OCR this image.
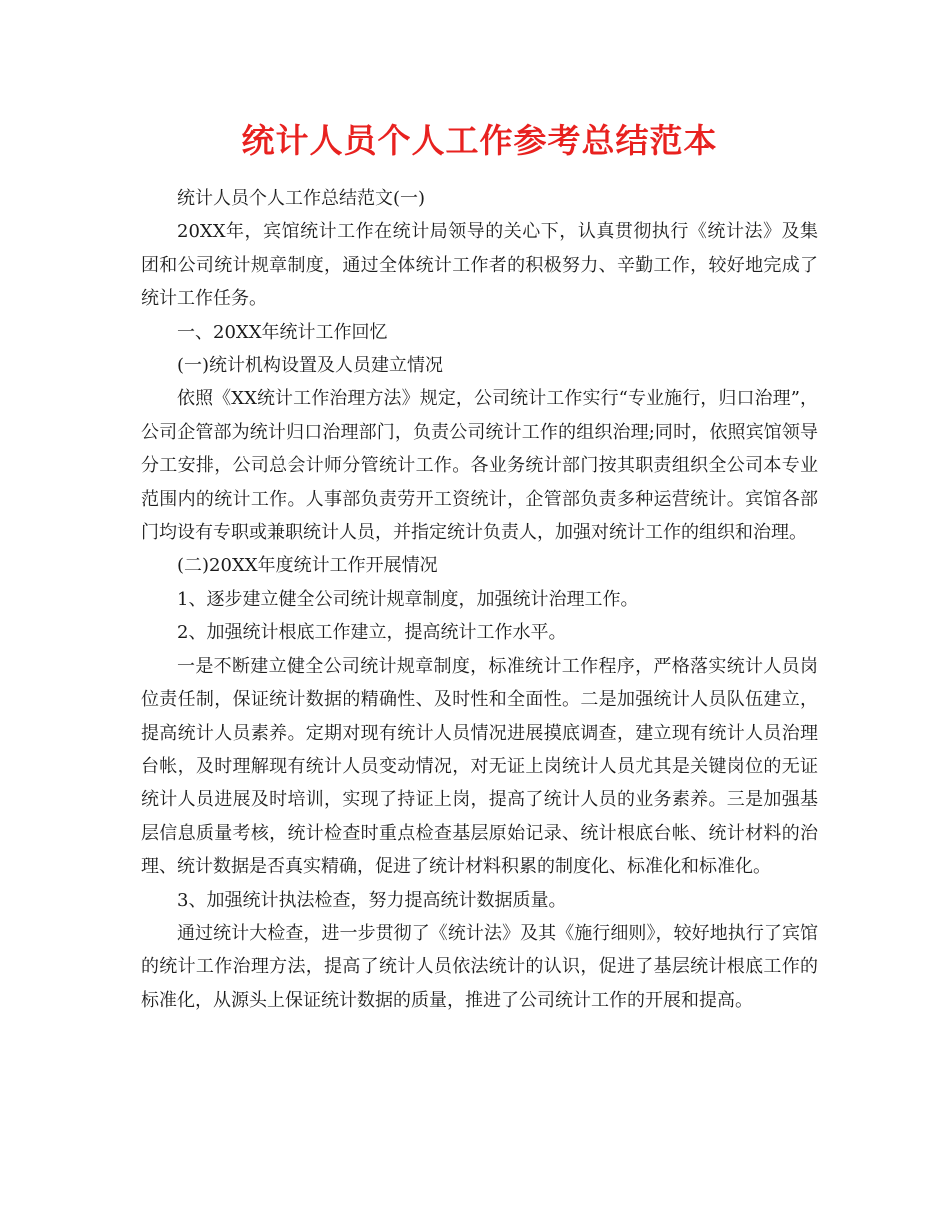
统计人员个人工作参考总结范本

统计人员个人工作总结范文(一)

20XX年，宾馆统计工作在统计局领导的关心下，认真贯彻执行《统计法》及集团和公司统计规章制度，通过全体统计工作者的积极努力、辛勤工作，较好地完成了统计工作任务。

一、20XX年统计工作回忆

(一)统计机构设置及人员建立情况

依照《XX统计工作治理方法》规定，公司统计工作实行“专业施行，归口治理”，公司企管部为统计归口治理部门，负责公司统计工作的组织治理;同时，依照宾馆领导分工安排，公司总会计师分管统计工作。各业务统计部门按其职责组织全公司本专业范围内的统计工作。人事部负责劳开工资统计，企管部负责多种运营统计。宾馆各部门均设有专职或兼职统计人员，并指定统计负责人，加强对统计工作的组织和治理。

(二)20XX年度统计工作开展情况

1、逐步建立健全公司统计规章制度，加强统计治理工作。

2、加强统计根底工作建立，提高统计工作水平。

一是不断建立健全公司统计规章制度，标准统计工作程序，严格落实统计人员岗位责任制，保证统计数据的精确性、及时性和全面性。二是加强统计人员队伍建立，提高统计人员素养。定期对现有统计人员情况进展摸底调查，建立现有统计人员治理台帐，及时理解现有统计人员变动情况，对无证上岗统计人员尤其是关键岗位的无证统计人员进展及时培训，实现了持证上岗，提高了统计人员的业务素养。三是加强基层信息质量考核，统计检查时重点检查基层原始记录、统计根底台帐、统计材料的治理、统计数据是否真实精确，促进了统计材料积累的制度化、标准化和标准化。

3、加强统计执法检查，努力提高统计数据质量。

通过统计大检查，进一步贯彻了《统计法》及其《施行细则》，较好地执行了宾馆的统计工作治理方法，提高了统计人员依法统计的认识，促进了基层统计根底工作的标准化，从源头上保证统计数据的质量，推进了公司统计工作的开展和提高。
